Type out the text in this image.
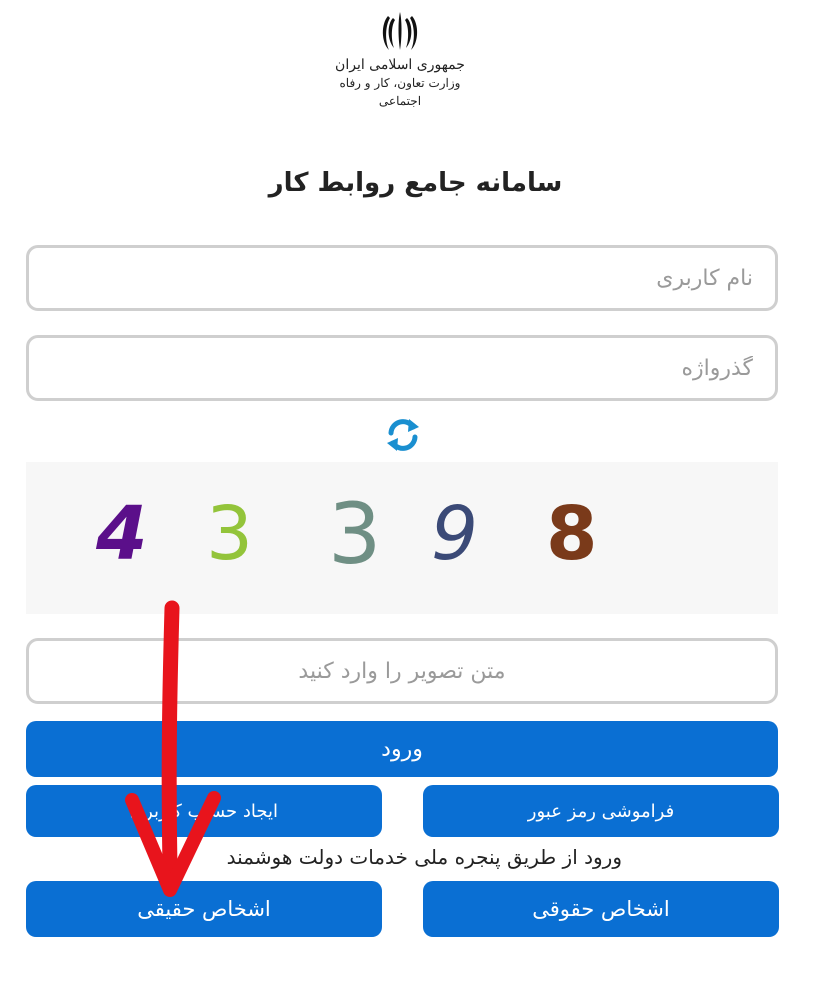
جمهوری اسلامی ایران
وزارت تعاون، کار و رفاه اجتماعی
سامانه جامع روابط کار
نام کاربری
4 3 3 9 8
متن تصویر را وارد کنید
ورود
فراموشی رمز عبور
ایجاد حساب کاربری
ورود از طریق پنجره ملی خدمات دولت هوشمند
اشخاص حقوقی
اشخاص حقیقی
